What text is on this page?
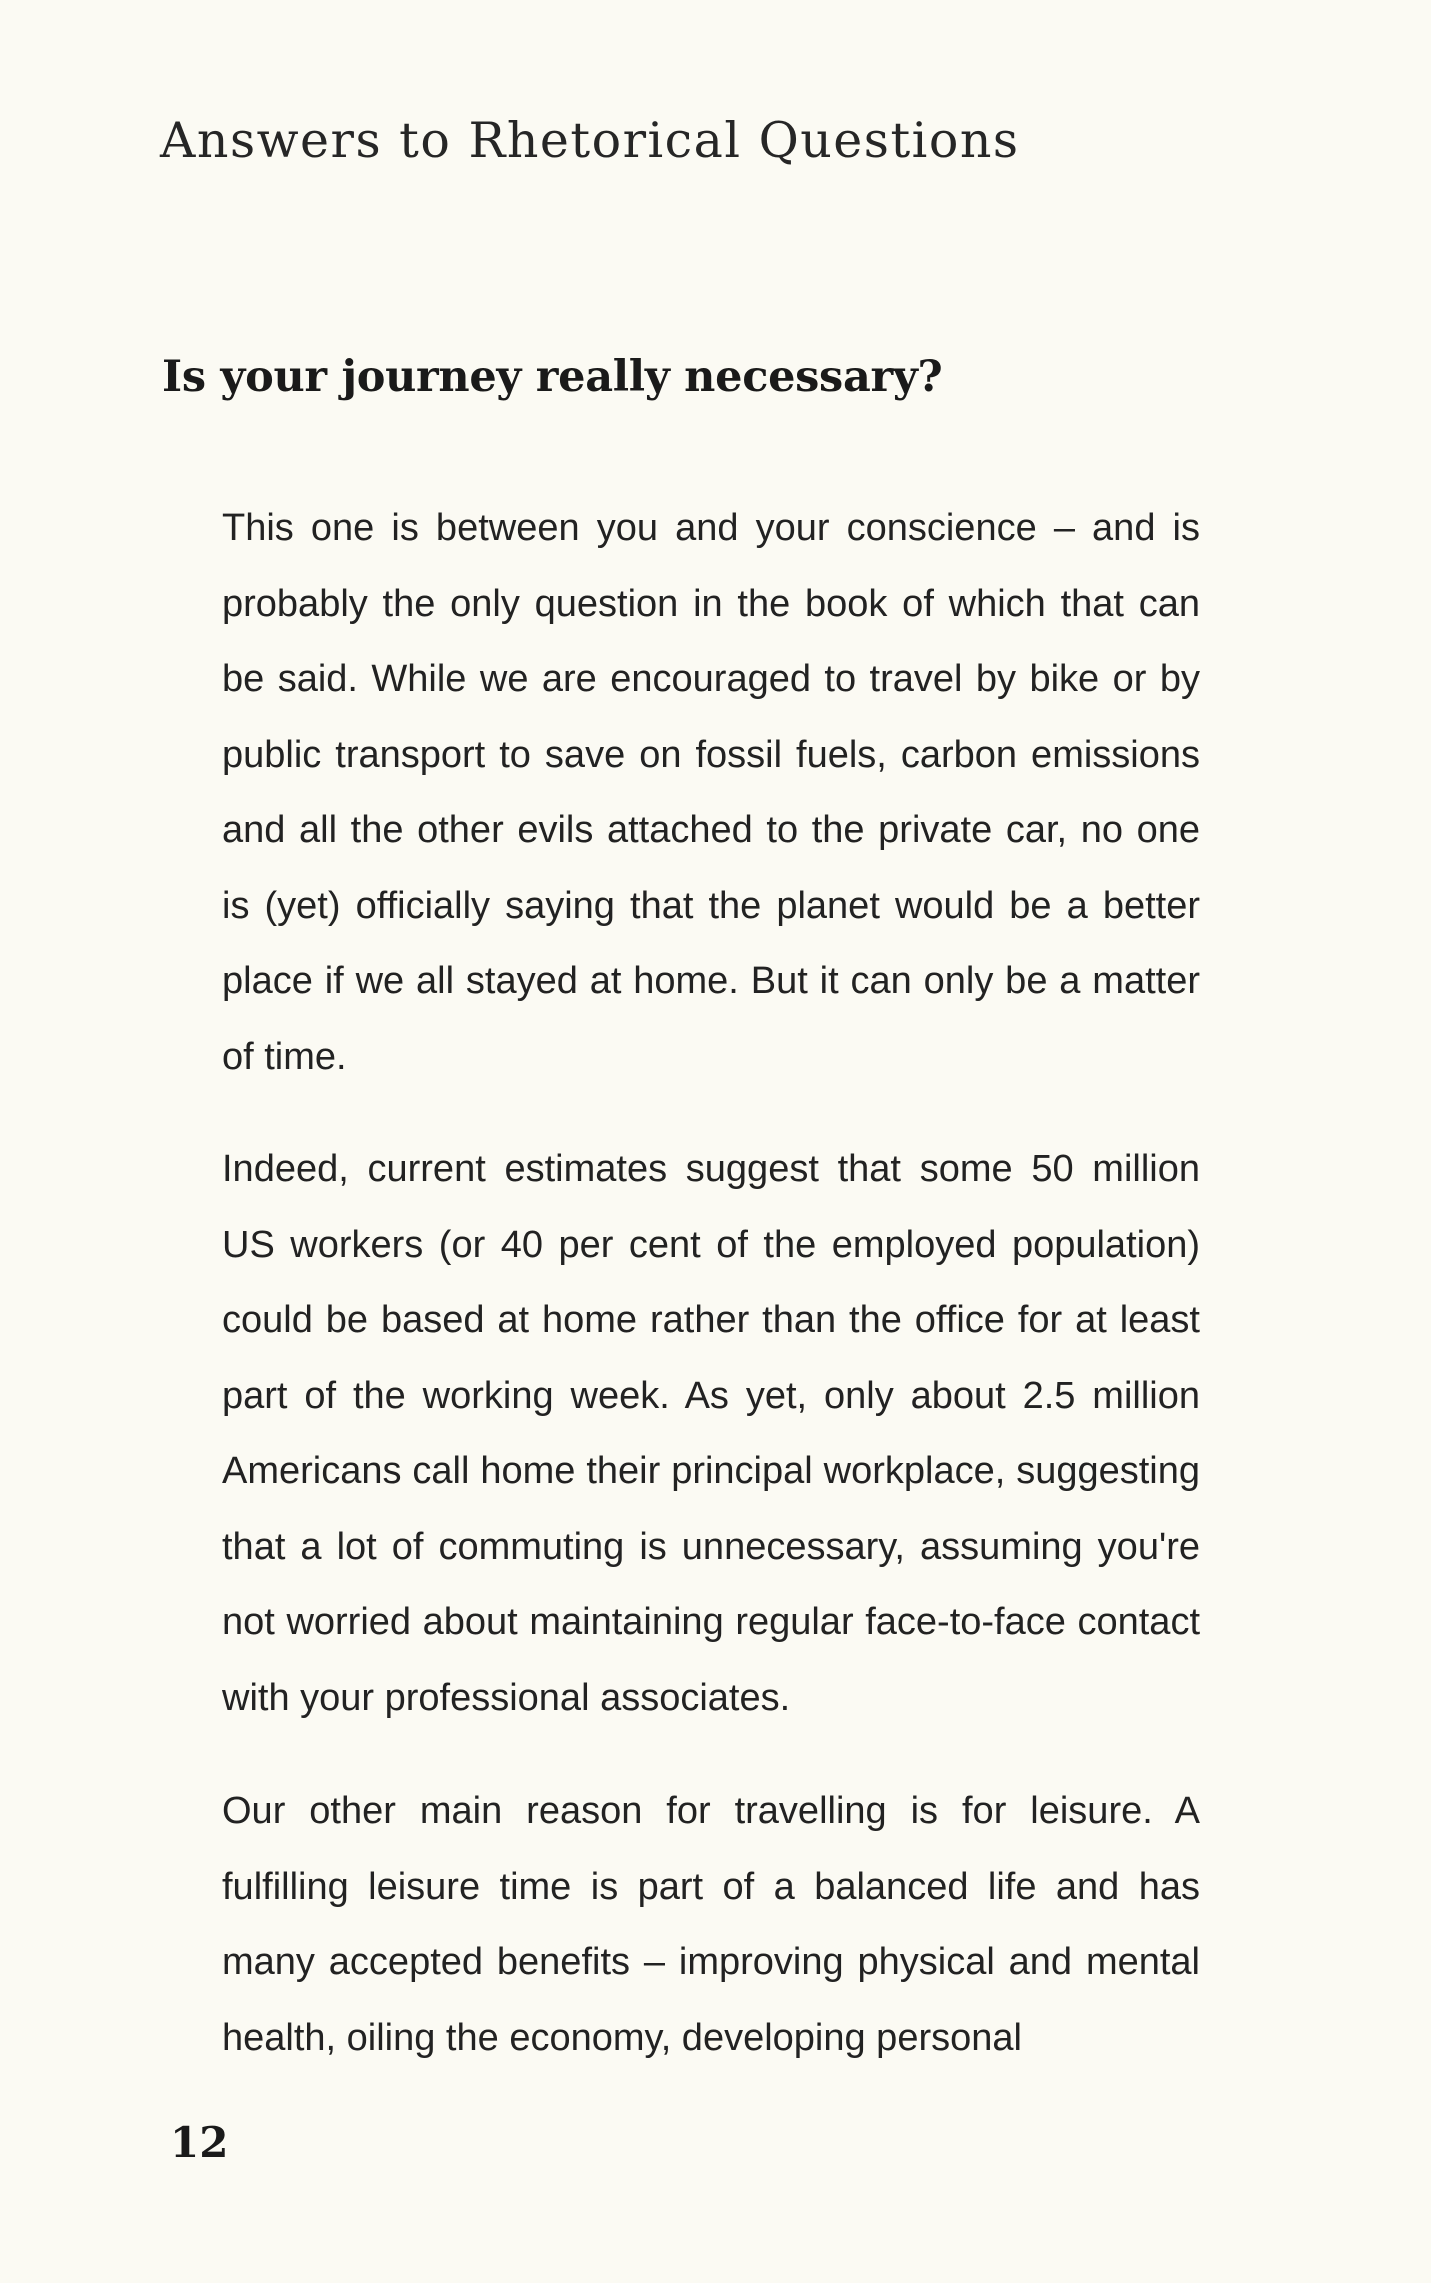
Answers to Rhetorical Questions
Is your journey really necessary?

This one is between you and your conscience – and is probably the only question in the book of which that can be said. While we are encouraged to travel by bike or by public transport to save on fossil fuels, carbon emissions and all the other evils attached to the private car, no one is (yet) officially saying that the planet would be a better place if we all stayed at home. But it can only be a matter of time.

Indeed, current estimates suggest that some 50 million US workers (or 40 per cent of the employed population) could be based at home rather than the office for at least part of the working week. As yet, only about 2.5 million Americans call home their principal workplace, suggesting that a lot of commuting is unnecessary, assuming you're not worried about maintaining regular face-to-face contact with your professional associates.

Our other main reason for travelling is for leisure. A fulfilling leisure time is part of a balanced life and has many accepted benefits – improving physical and mental health, oiling the economy, developing personal

12
